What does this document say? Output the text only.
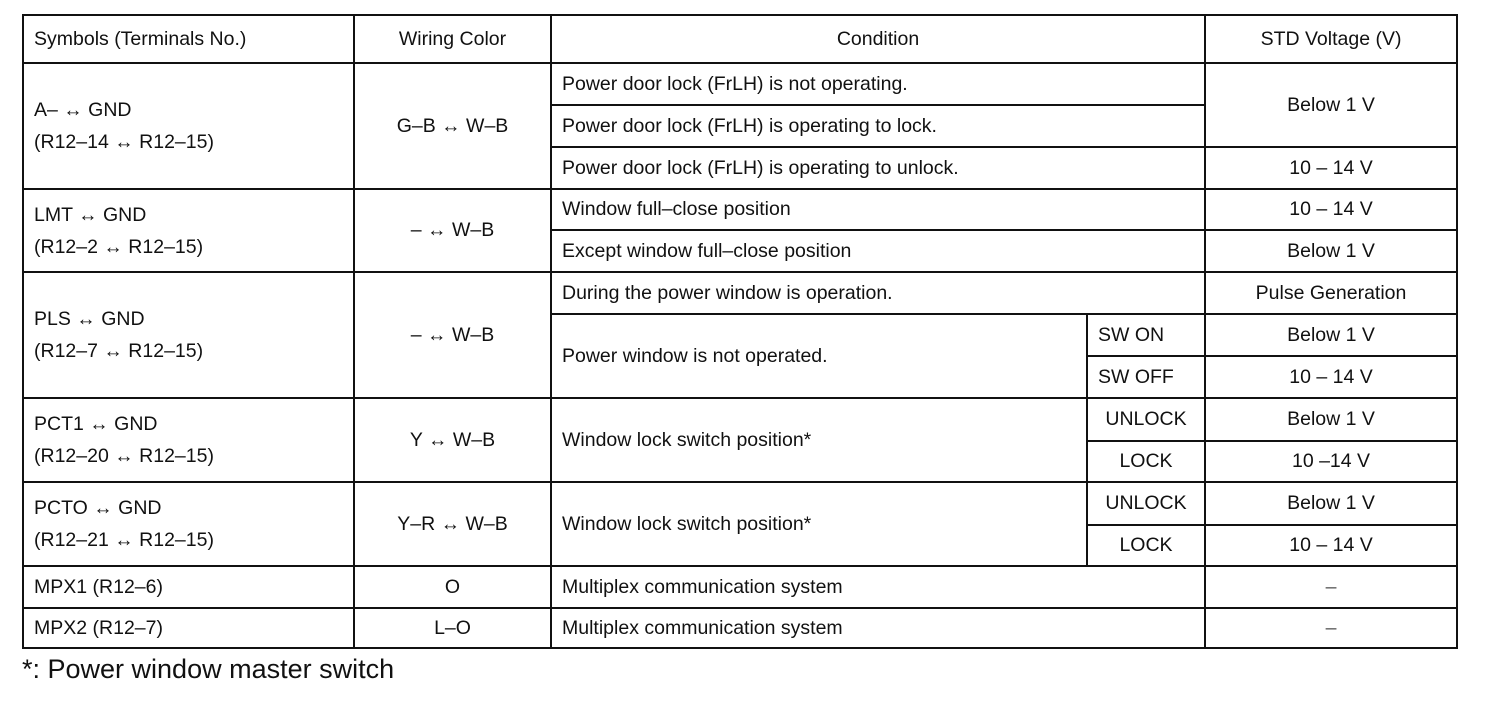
Symbols (Terminals No.)	Wiring Color	Condition		STD Voltage (V)

A– ↔ GND
(R12–14 ↔ R12–15)	G–B ↔ W–B	Power door lock (FrLH) is not operating.		Below 1 V
		Power door lock (FrLH) is operating to lock.		
		Power door lock (FrLH) is operating to unlock.		10 – 14 V

LMT ↔ GND
(R12–2 ↔ R12–15)	– ↔ W–B	Window full–close position		10 – 14 V
		Except window full–close position		Below 1 V

PLS ↔ GND
(R12–7 ↔ R12–15)	– ↔ W–B	During the power window is operation.		Pulse Generation
		Power window is not operated.	SW ON	Below 1 V
			SW OFF	10 – 14 V

PCT1 ↔ GND
(R12–20 ↔ R12–15)	Y ↔ W–B	Window lock switch position*	UNLOCK	Below 1 V
			LOCK	10 –14 V

PCTO ↔ GND
(R12–21 ↔ R12–15)	Y–R ↔ W–B	Window lock switch position*	UNLOCK	Below 1 V
			LOCK	10 – 14 V
MPX1 (R12–6)	O	Multiplex communication system		–
MPX2 (R12–7)	L–O	Multiplex communication system		–
*: Power window master switch
